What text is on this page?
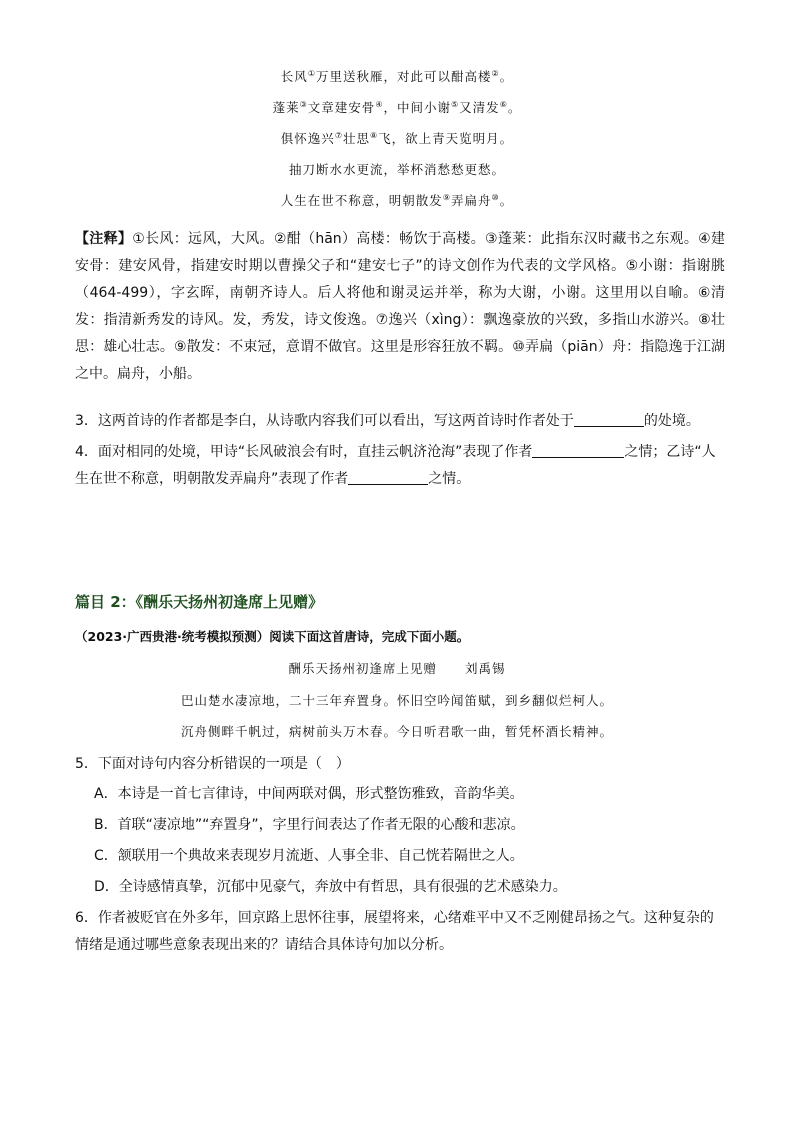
长风①万里送秋雁，对此可以酣高楼②。
蓬莱③文章建安骨④，中间小谢⑤又清发⑥。
俱怀逸兴⑦壮思⑧飞，欲上青天览明月。
抽刀断水水更流，举杯消愁愁更愁。
人生在世不称意，明朝散发⑨弄扁舟⑩。
【注释】①长风：远风，大风。②酣（hān）高楼：畅饮于高楼。③蓬莱：此指东汉时藏书之东观。④建安骨：建安风骨，指建安时期以曹操父子和“建安七子”的诗文创作为代表的文学风格。⑤小谢：指谢朓（464-499），字玄晖，南朝齐诗人。后人将他和谢灵运并举，称为大谢，小谢。这里用以自喻。⑥清发：指清新秀发的诗风。发，秀发，诗文俊逸。⑦逸兴（xìng）：飘逸豪放的兴致，多指山水游兴。⑧壮思：雄心壮志。⑨散发：不束冠，意谓不做官。这里是形容狂放不羁。⑩弄扁（piān）舟：指隐逸于江湖之中。扁舟，小船。
3．这两首诗的作者都是李白，从诗歌内容我们可以看出，写这两首诗时作者处于	的处境。
4．面对相同的处境，甲诗“长风破浪会有时，直挂云帆济沧海”表现了作者	之情；乙诗“人生在世不称意，明朝散发弄扁舟”表现了作者	之情。
篇目 2：《酬乐天扬州初逢席上见赠》
（2023·广西贵港·统考模拟预测）阅读下面这首唐诗，完成下面小题。
酬乐天扬州初逢席上见赠 刘禹锡
巴山楚水凄凉地，二十三年弃置身。怀旧空吟闻笛赋，到乡翻似烂柯人。
沉舟侧畔千帆过，病树前头万木春。今日听君歌一曲，暂凭杯酒长精神。
5．下面对诗句内容分析错误的一项是（　）
A．本诗是一首七言律诗，中间两联对偶，形式整饬雅致，音韵华美。
B．首联“凄凉地”“弃置身”，字里行间表达了作者无限的心酸和悲凉。
C．颔联用一个典故来表现岁月流逝、人事全非、自己恍若隔世之人。
D．全诗感情真挚，沉郁中见豪气，奔放中有哲思，具有很强的艺术感染力。
6．作者被贬官在外多年，回京路上思怀往事，展望将来，心绪难平中又不乏刚健昂扬之气。这种复杂的情绪是通过哪些意象表现出来的？请结合具体诗句加以分析。
